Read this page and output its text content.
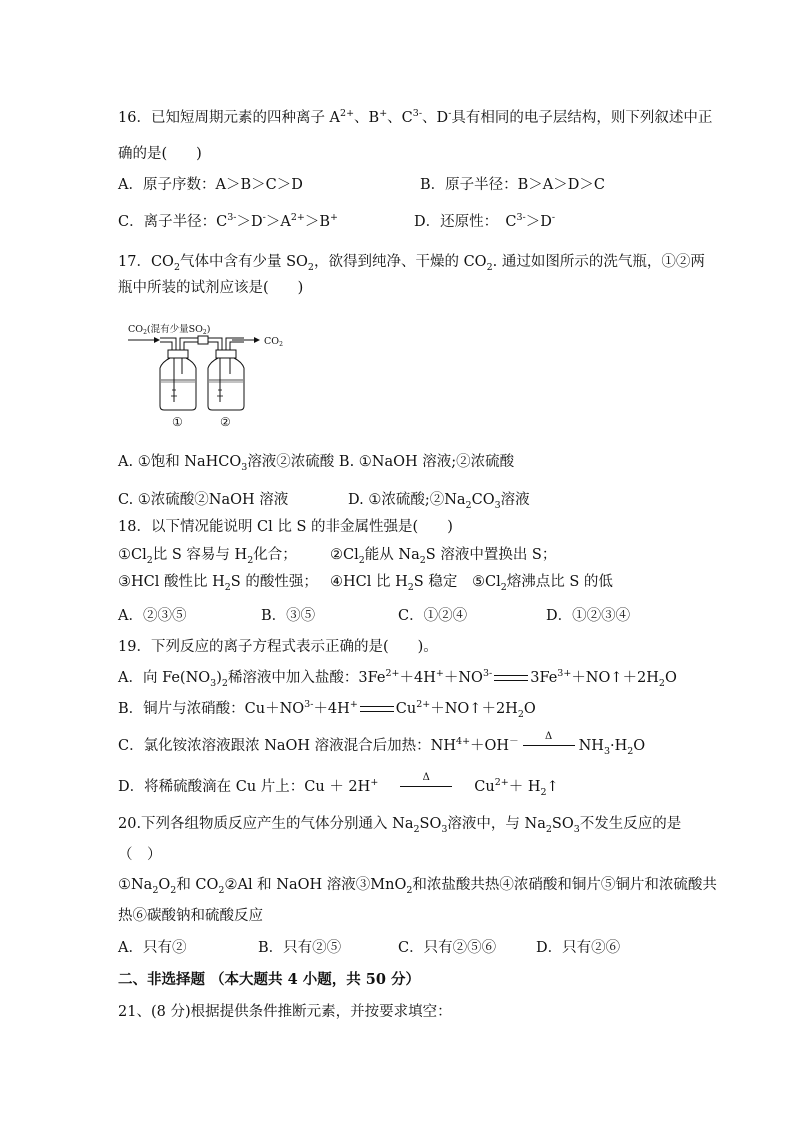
16．已知短周期元素的四种离子 $A^{2+}$、B+、$C^{3-}$、D-具有相同的电子层结构，则下列叙述中正
确的是(　　)
A．原子序数：A＞B＞C＞D	B．原子半径：B＞A＞D＞C
C．离子半径：$C^{3-}>D^->A^{2+}>B^+$	D．还原性：　$C^{3-}>D^-$
17．$CO_2$气体中含有少量 $SO_2$，欲得到纯净、干燥的 $CO_2$. 通过如图所示的洗气瓶，①②两
瓶中所装的试剂应该是(　　)
$CO_2$(混有少量$SO_2$)
$CO_2$
①	②
A. ①饱和 NaHCO$_3$溶液②浓硫酸 B. ①NaOH 溶液;②浓硫酸
C. ①浓硫酸②NaOH 溶液	D. ①浓硫酸$;②Na_2CO_3$溶液
18．以下情况能说明 Cl 比 S 的非金属性强是(　　)
$①Cl_2$比 S 容易与 $H_2$化合； $②Cl_2$能从 $Na_2S$ 溶液中置换出 S；
③HCl 酸性比 $H_2S$ 的酸性强； ④HCl 比 $H_2S$ 稳定 $⑤Cl_2$熔沸点比 S 的低
A．②③⑤	B．③⑤	C．①②④	D．①②③④
19．下列反应的离子方程式表示正确的是(　　)。
A．向 $Fe(NO_3)_2$稀溶液中加入盐酸：$3Fe^{2+}+4H^++NO^{3-}$	$3Fe^{3+}+NO↑+2H_2O$
B．铜片与浓硝酸：$Cu+NO^{3-}+4H^+$	$Cu^{2+}+NO↑+2H_2O$
C．氯化铵浓溶液跟浓 NaOH 溶液混合后加热：$NH^{4+}+OH^-$	Δ
$NH_3\cdot H_2O$
D．将稀硫酸滴在 Cu 片上：Cu ＋ 2H+	Δ
$Cu^{2+}+$ $H_2↑$
20.下列各组物质反应产生的气体分别通入 $Na_2SO_3$溶液中，与 $Na_2SO_3$不发生反应的是
（　）
$①Na_2O_2$和 $CO_2②Al$ 和 NaOH 溶液③MnO$_2$和浓盐酸共热④浓硝酸和铜片⑤铜片和浓硫酸共
热⑥碳酸钠和硫酸反应
A．只有②	B．只有②⑤	C．只有②⑤⑥	D．只有②⑥
二、非选择题 （本大题共 4 小题，共 50 分）
21、(8 分)根据提供条件推断元素，并按要求填空：
